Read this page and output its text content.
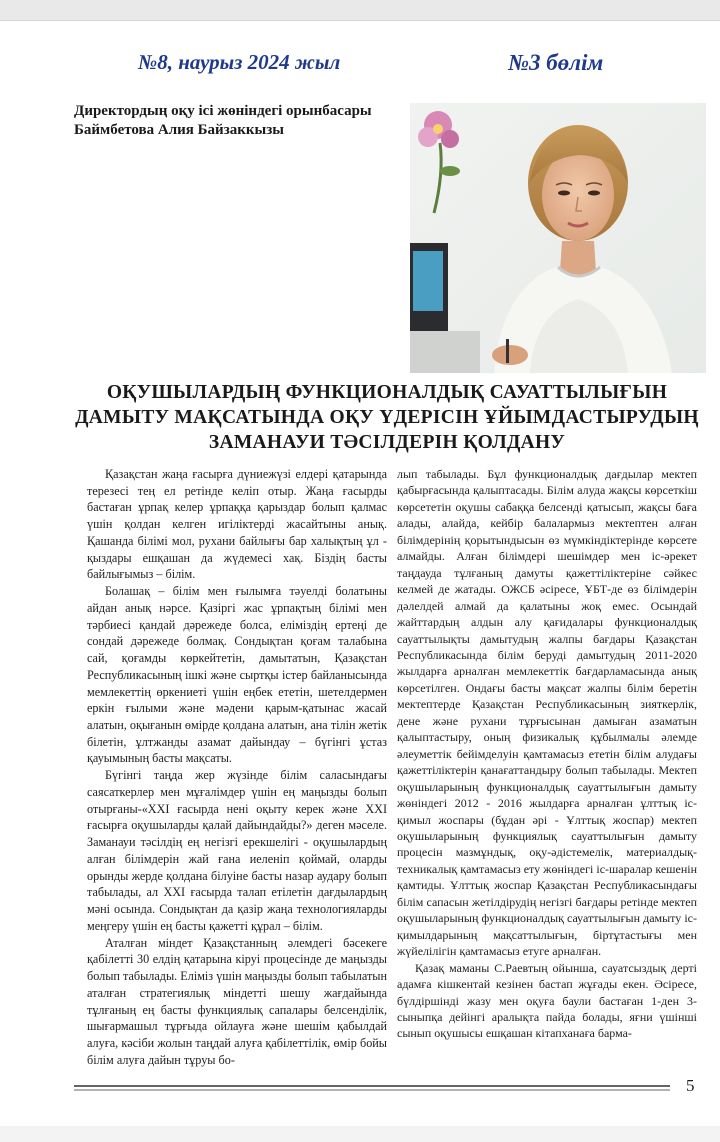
№8, наурыз 2024 жыл	№3 бөлім
Директордың оқу ісі жөніндегі орынбасары
Баймбетова Алия Байзаккызы
ОҚУШЫЛАРДЫҢ ФУНКЦИОНАЛДЫҚ САУАТТЫЛЫҒЫН
ДАМЫТУ МАҚСАТЫНДА ОҚУ ҮДЕРІСІН ҰЙЫМДАСТЫРУДЫҢ
ЗАМАНАУИ ТӘСІЛДЕРІН ҚОЛДАНУ

Қазақстан жаңа ғасырға дүниежүзі елдері қатарында терезесі тең ел ретінде келіп отыр. Жаңа ғасырды бастаған ұрпақ келер ұрпаққа қарыздар болып қалмас үшін қолдан келген игіліктерді жасайтыны анық. Қашанда білімі мол, рухани байлығы бар халықтың ұл - қыздары ешқашан да жүдемесі хақ. Біздің басты байлығымыз – білім.

Болашақ – білім мен ғылымға тәуелді болатыны айдан анық нәрсе. Қазіргі жас ұрпақтың білімі мен тәрбиесі қандай дәрежеде болса, еліміздің ертеңі де сондай дәрежеде болмақ. Сондықтан қоғам талабына сай, қоғамды көркейтетін, дамытатын, Қазақстан Республикасының ішкі және сыртқы істер байланысында мемлекеттің өркениеті үшін еңбек ететін, шетелдермен еркін ғылыми және мәдени қарым-қатынас жасай алатын, оқығанын өмірде қолдана алатын, ана тілін жетік білетін, ұлтжанды азамат дайындау – бүгінгі ұстаз қауымының басты мақсаты.

Бүгінгі таңда жер жүзінде білім саласындағы саясаткерлер мен мұғалімдер үшін ең маңызды болып отырғаны-«XXI ғасырда нені оқыту керек және XXI ғасырға оқушыларды қалай дайындайды?» деген мәселе. Заманауи тәсілдің ең негізгі ерекшелігі - оқушылардың алған білімдерін жай ғана иеленіп қоймай, оларды орынды жерде қолдана білуіне басты назар аудару болып табылады, ал XXI ғасырда талап етілетін дағдылардың мәні осында. Сондықтан да қазір жаңа технологияларды меңгеру үшін ең басты қажетті құрал – білім.

Аталған міндет Қазақстанның әлемдегі бәсекеге қабілетті 30 елдің қатарына кіруі процесінде де маңызды болып табылады. Еліміз үшін маңызды болып табылатын аталған стратегиялық міндетті шешу жағдайында тұлғаның ең басты функциялық сапалары белсенділік, шығармашыл тұрғыда ойлауға және шешім қабылдай алуға, кәсіби жолын таңдай алуға қабілеттілік, өмір бойы білім алуға дайын тұруы бо-

лып табылады. Бұл функционалдық дағдылар мектеп қабырғасында қалыптасады. Білім алуда жақсы көрсеткіш көрсететін оқушы сабаққа белсенді қатысып, жақсы баға алады, алайда, кейбір балалармыз мектептен алған білімдерінің қорытындысын өз мүмкіндіктерінде көрсете алмайды. Алған білімдері шешімдер мен іс-әрекет таңдауда тұлғаның дамуты қажеттіліктеріне сәйкес келмей де жатады. ОЖСБ әсіресе, ҰБТ-де өз білімдерін дәлелдей алмай да қалатыны жоқ емес. Осындай жайттардың алдын алу қағидалары функционалдық сауаттылықты дамытудың жалпы бағдары Қазақстан Республикасында білім беруді дамытудың 2011-2020 жылдарға арналған мемлекеттік бағдарламасында анық көрсетілген. Ондағы басты мақсат жалпы білім беретін мектептерде Қазақстан Республикасының зияткерлік, дене және рухани тұрғысынан дамыған азаматын қалыптастыру, оның физикалық құбылмалы әлемде әлеуметтік бейімделуін қамтамасыз ететін білім алудағы қажеттіліктерін қанағаттандыру болып табылады. Мектеп оқушыларының функционалдық сауаттылығын дамыту жөніндегі 2012 - 2016 жылдарға арналған ұлттық іс-қимыл жоспары (бұдан әрі - Ұлттық жоспар) мектеп оқушыларының функциялық сауаттылығын дамыту процесін мазмұндық, оқу-әдістемелік, материалдық-техникалық қамтамасыз ету жөніндегі іс-шаралар кешенін қамтиды. Ұлттық жоспар Қазақстан Республикасындағы білім сапасын жетілдірудің негізгі бағдары ретінде мектеп оқушыларының функционалдық сауаттылығын дамыту іс-қимылдарының мақсаттылығын, біртұтастығы мен жүйелілігін қамтамасыз етуге арналған.

Қазақ маманы С.Раевтың ойынша, сауатсыздық дерті адамға кішкентай кезінен бастап жұғады екен. Әсіресе, бүлдіршінді жазу мен оқуға баули бастаған 1-ден 3-сыныпқа дейінгі аралықта пайда болады, яғни үшінші сынып оқушысы ешқашан кітапханаға барма-

5
